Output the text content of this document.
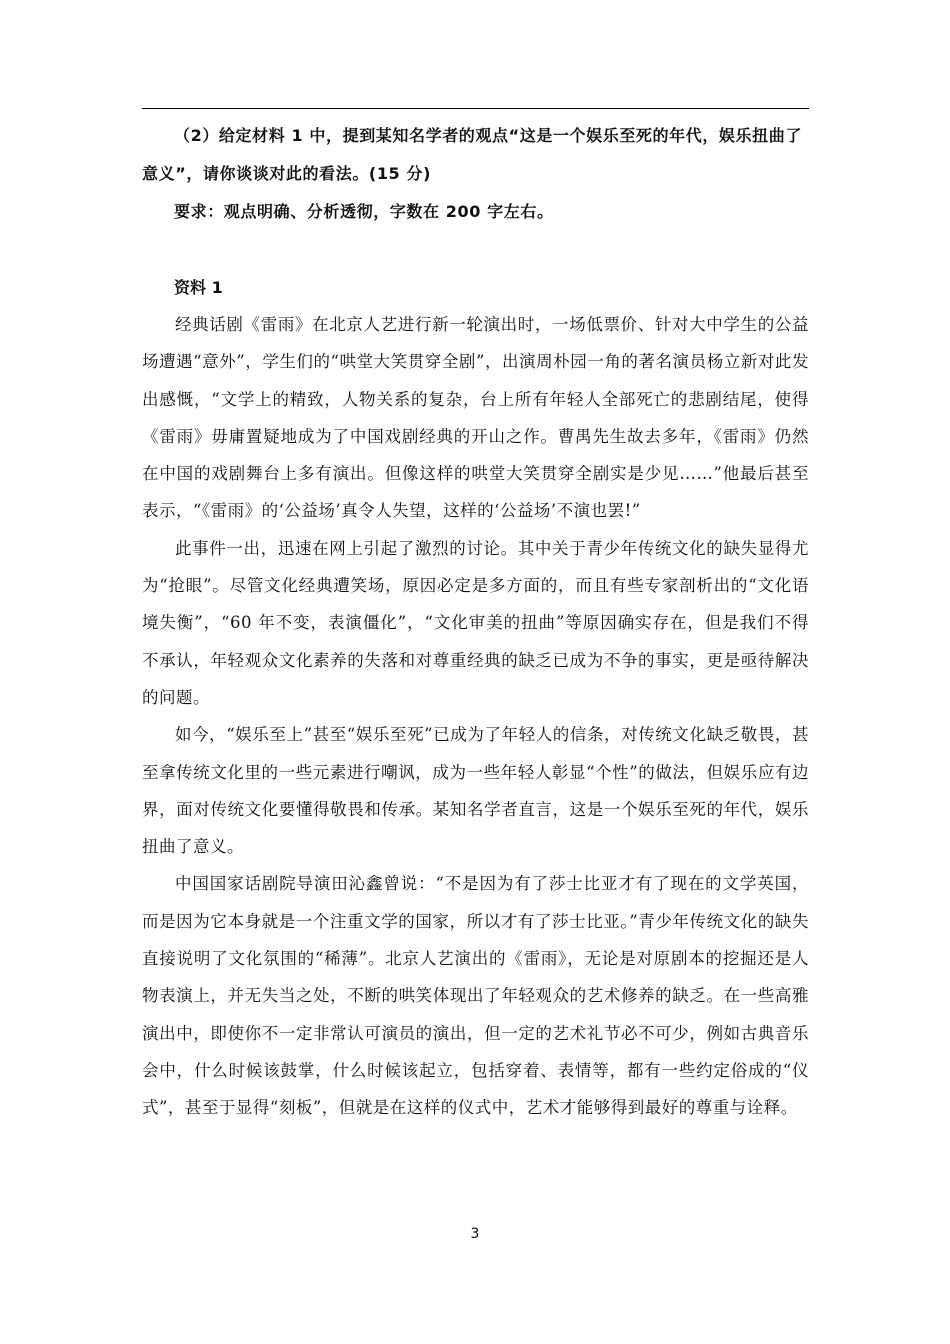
（2）给定材料 1 中，提到某知名学者的观点“这是一个娱乐至死的年代，娱乐扭曲了意义”，请你谈谈对此的看法。(15 分)

要求：观点明确、分析透彻，字数在 200 字左右。

资料 1

经典话剧《雷雨》在北京人艺进行新一轮演出时，一场低票价、针对大中学生的公益场遭遇“意外”，学生们的“哄堂大笑贯穿全剧”，出演周朴园一角的著名演员杨立新对此发出感慨，“文学上的精致，人物关系的复杂，台上所有年轻人全部死亡的悲剧结尾，使得《雷雨》毋庸置疑地成为了中国戏剧经典的开山之作。曹禺先生故去多年，《雷雨》仍然在中国的戏剧舞台上多有演出。但像这样的哄堂大笑贯穿全剧实是少见……”他最后甚至表示，“《雷雨》的‘公益场’真令人失望，这样的‘公益场’不演也罢!”

此事件一出，迅速在网上引起了激烈的讨论。其中关于青少年传统文化的缺失显得尤为“抢眼”。尽管文化经典遭笑场，原因必定是多方面的，而且有些专家剖析出的“文化语境失衡”，“60 年不变，表演僵化”，“文化审美的扭曲”等原因确实存在，但是我们不得不承认，年轻观众文化素养的失落和对尊重经典的缺乏已成为不争的事实，更是亟待解决的问题。

如今，“娱乐至上”甚至“娱乐至死”已成为了年轻人的信条，对传统文化缺乏敬畏，甚至拿传统文化里的一些元素进行嘲讽，成为一些年轻人彰显“个性”的做法，但娱乐应有边界，面对传统文化要懂得敬畏和传承。某知名学者直言，这是一个娱乐至死的年代，娱乐扭曲了意义。

中国国家话剧院导演田沁鑫曾说：“不是因为有了莎士比亚才有了现在的文学英国，而是因为它本身就是一个注重文学的国家，所以才有了莎士比亚。”青少年传统文化的缺失直接说明了文化氛围的“稀薄”。北京人艺演出的《雷雨》，无论是对原剧本的挖掘还是人物表演上，并无失当之处，不断的哄笑体现出了年轻观众的艺术修养的缺乏。在一些高雅演出中，即使你不一定非常认可演员的演出，但一定的艺术礼节必不可少，例如古典音乐会中，什么时候该鼓掌，什么时候该起立，包括穿着、表情等，都有一些约定俗成的“仪式”，甚至于显得“刻板”，但就是在这样的仪式中，艺术才能够得到最好的尊重与诠释。

3
